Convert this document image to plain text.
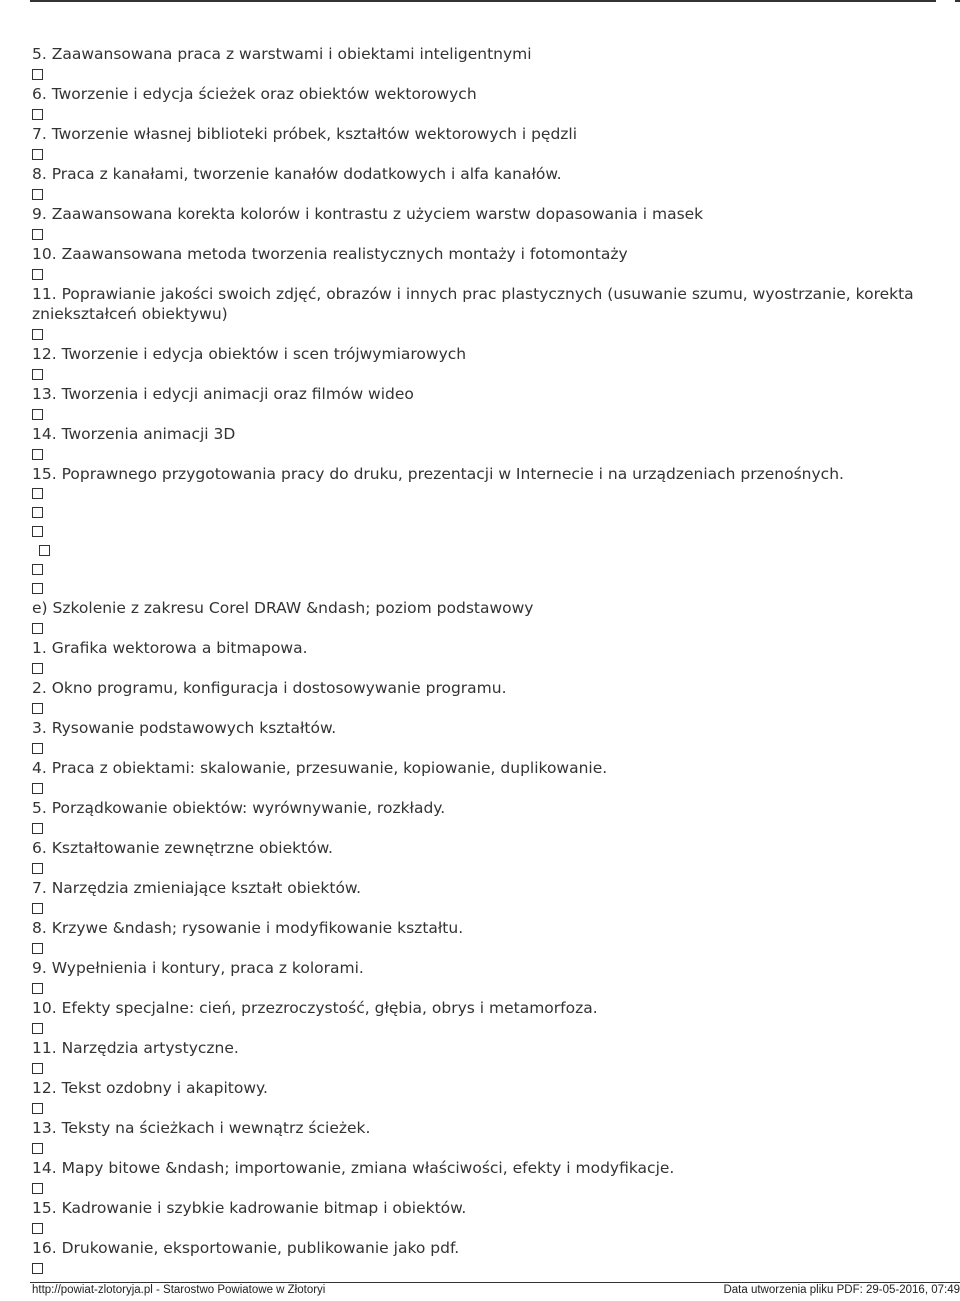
5. Zaawansowana praca z warstwami i obiektami inteligentnymi
6. Tworzenie i edycja ścieżek oraz obiektów wektorowych
7. Tworzenie własnej biblioteki próbek, kształtów wektorowych i pędzli
8. Praca z kanałami, tworzenie kanałów dodatkowych i alfa kanałów.
9. Zaawansowana korekta kolorów i kontrastu z użyciem warstw dopasowania i masek
10. Zaawansowana metoda tworzenia realistycznych montaży i fotomontaży
11. Poprawianie jakości swoich zdjęć, obrazów i innych prac plastycznych (usuwanie szumu, wyostrzanie, korekta zniekształceń obiektywu)
12. Tworzenie i edycja obiektów i scen trójwymiarowych
13. Tworzenia i edycji animacji oraz filmów wideo
14. Tworzenia animacji 3D
15. Poprawnego przygotowania pracy do druku, prezentacji w Internecie i na urządzeniach przenośnych.
e) Szkolenie z zakresu Corel DRAW &ndash; poziom podstawowy
1. Grafika wektorowa a bitmapowa.
2. Okno programu, konfiguracja i dostosowywanie programu.
3. Rysowanie podstawowych kształtów.
4. Praca z obiektami: skalowanie, przesuwanie, kopiowanie, duplikowanie.
5. Porządkowanie obiektów: wyrównywanie, rozkłady.
6. Kształtowanie zewnętrzne obiektów.
7. Narzędzia zmieniające kształt obiektów.
8. Krzywe &ndash; rysowanie i modyfikowanie kształtu.
9. Wypełnienia i kontury, praca z kolorami.
10. Efekty specjalne: cień, przezroczystość, głębia, obrys i metamorfoza.
11. Narzędzia artystyczne.
12. Tekst ozdobny i akapitowy.
13. Teksty na ścieżkach i wewnątrz ścieżek.
14. Mapy bitowe &ndash; importowanie, zmiana właściwości, efekty i modyfikacje.
15. Kadrowanie i szybkie kadrowanie bitmap i obiektów.
16. Drukowanie, eksportowanie, publikowanie jako pdf.
http://powiat-zlotoryja.pl - Starostwo Powiatowe w Złotoryi	Data utworzenia pliku PDF: 29-05-2016, 07:49
